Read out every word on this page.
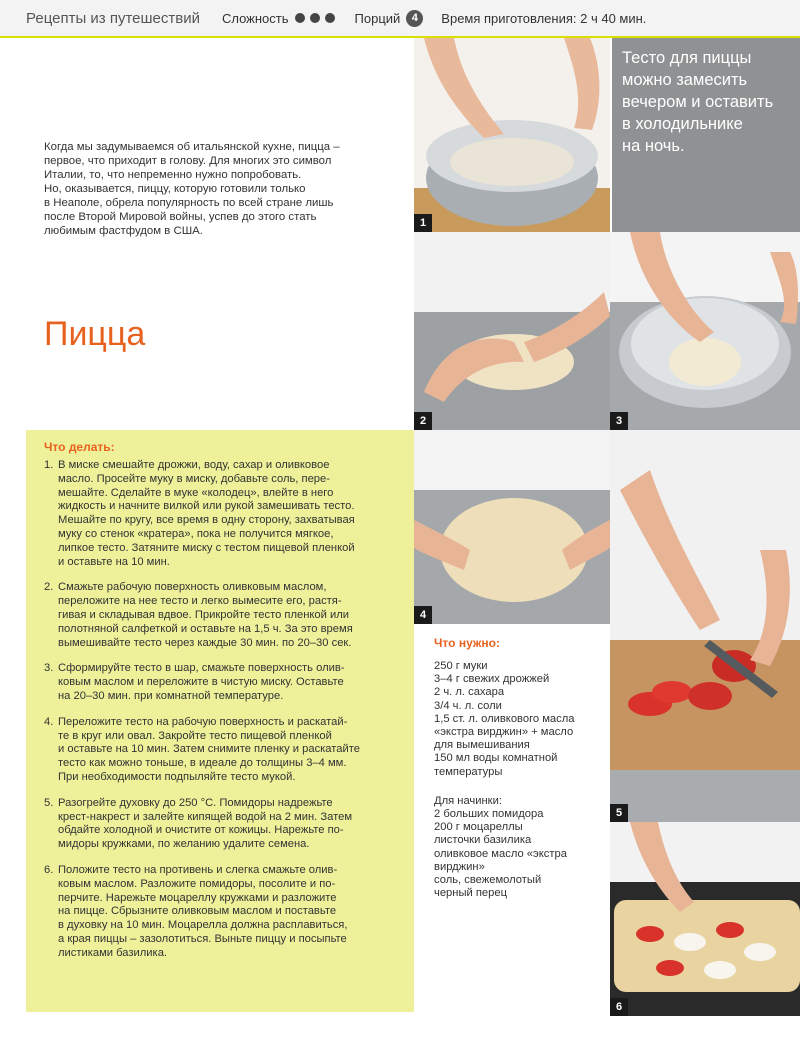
Рецепты из путешествий Сложность	Порций	4	Время приготовления: 2 ч 40 мин.
Когда мы задумываемся об итальянской кухне, пицца –
первое, что приходит в голову. Для многих это символ
Италии, то, что непременно нужно попробовать.
Но, оказывается, пиццу, которую готовили только
в Неаполе, обрела популярность по всей стране лишь
после Второй Мировой войны, успев до этого стать
любимым фастфудом в США.
Пицца
1
Тесто для пиццы
можно замесить
вечером и оставить
в холодильнике
на ночь.
2	3
4
5
6
Что делать:
1. В миске смешайте дрожжи, воду, сахар и оливковое
масло. Просейте муку в миску, добавьте соль, пере-
мешайте. Сделайте в муке «колодец», влейте в него
жидкость и начните вилкой или рукой замешивать тесто.
Мешайте по кругу, все время в одну сторону, захватывая
муку со стенок «кратера», пока не получится мягкое,
липкое тесто. Затяните миску с тестом пищевой пленкой
и оставьте на 10 мин.
2. Смажьте рабочую поверхность оливковым маслом,
переложите на нее тесто и легко вымесите его, растя-
гивая и складывая вдвое. Прикройте тесто пленкой или
полотняной салфеткой и оставьте на 1,5 ч. За это время
вымешивайте тесто через каждые 30 мин. по 20–30 сек.
3. Сформируйте тесто в шар, смажьте поверхность олив-
ковым маслом и переложите в чистую миску. Оставьте
на 20–30 мин. при комнатной температуре.
4. Переложите тесто на рабочую поверхность и раскатай-
те в круг или овал. Закройте тесто пищевой пленкой
и оставьте на 10 мин. Затем снимите пленку и раскатайте
тесто как можно тоньше, в идеале до толщины 3–4 мм.
При необходимости подпыляйте тесто мукой.
5. Разогрейте духовку до 250 °С. Помидоры надрежьте
крест-накрест и залейте кипящей водой на 2 мин. Затем
обдайте холодной и очистите от кожицы. Нарежьте по-
мидоры кружками, по желанию удалите семена.
6. Положите тесто на противень и слегка смажьте олив-
ковым маслом. Разложите помидоры, посолите и по-
перчите. Нарежьте моцареллу кружками и разложите
на пицце. Сбрызните оливковым маслом и поставьте
в духовку на 10 мин. Моцарелла должна расплавиться,
а края пиццы – зазолотиться. Выньте пиццу и посыпьте
листиками базилика.
Что нужно:
250 г муки
3–4 г свежих дрожжей
2 ч. л. сахара
3/4 ч. л. соли
1,5 ст. л. оливкового масла
«экстра вирджин» + масло
для вымешивания
150 мл воды комнатной
температуры
Для начинки:
2 больших помидора
200 г моцареллы
листочки базилика
оливковое масло «экстра
вирджин»
соль, свежемолотый
черный перец
